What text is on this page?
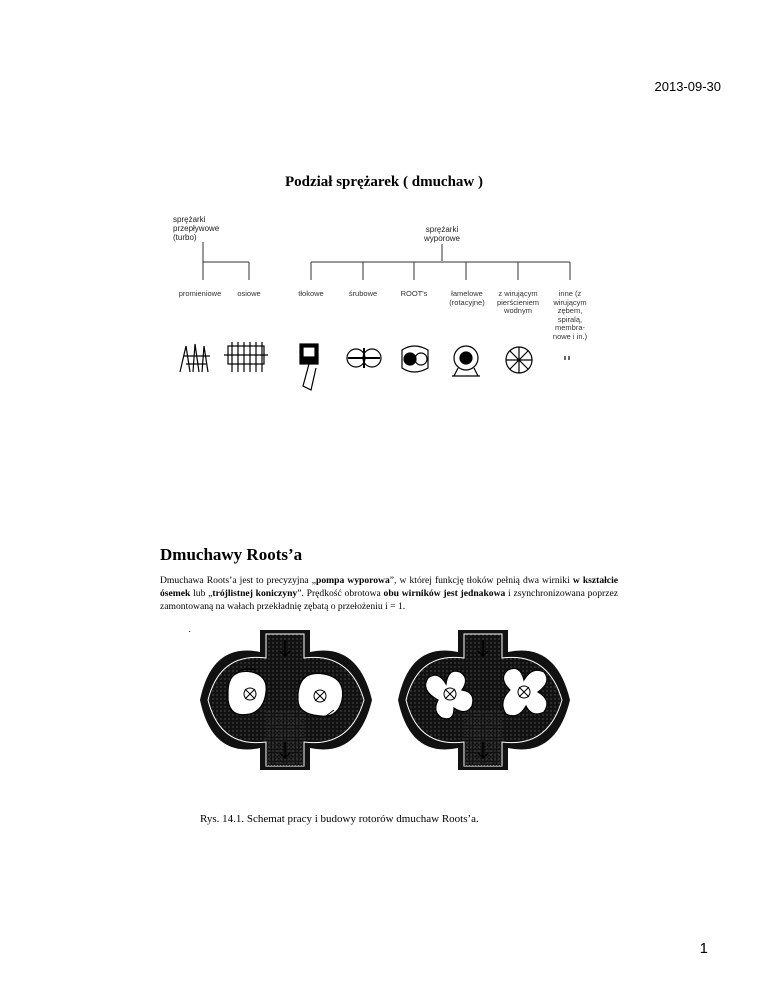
2013-09-30
Podział sprężarek ( dmuchaw )
sprężarki przepływowe (turbo)
sprężarki wyporowe
promieniowe	osiowe	tłokowe	śrubowe	ROOT's	łamelowe (rotacyjne)
z wirującym pierścieniem wodnym
inne (z wirującym zębem, spiralą, membra- nowe i in.)
Dmuchawy Roots’a
Dmuchawa Roots’a jest to precyzyjna „pompa wyporowa”, w której funkcję tłoków pełnią dwa wirniki w kształcie ósemek lub „trójlistnej koniczyny”. Prędkość obrotowa obu wirników jest jednakowa i zsynchronizowana poprzez zamontowaną na wałach przekładnię zębatą o przełożeniu i = 1.
˙
Rys. 14.1. Schemat pracy i budowy rotorów dmuchaw Roots’a.
1
